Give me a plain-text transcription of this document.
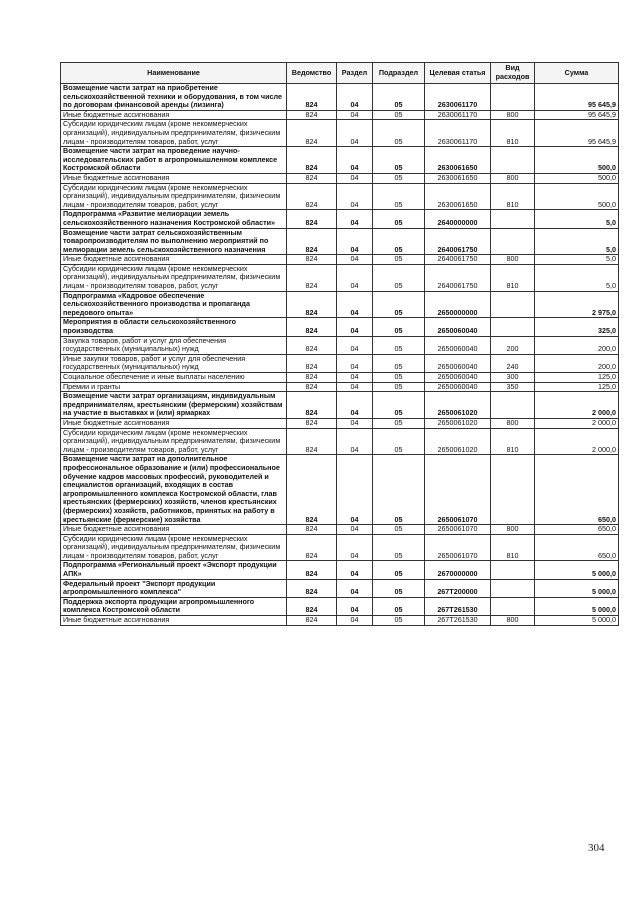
Наименование	Ведомство	Раздел	Подраздел	Целевая статья	Вид расходов	Сумма
Возмещение части затрат на приобретение сельскохозяйственной техники и оборудования, в том числе по договорам финансовой аренды (лизинга)	824	04	05	2630061170		95 645,9
Иные бюджетные ассигнования	824	04	05	2630061170	800	95 645,9
Субсидии юридическим лицам (кроме некоммерческих организаций), индивидуальным предпринимателям, физическим лицам - производителям товаров, работ, услуг	824	04	05	2630061170	810	95 645,9
Возмещение части затрат на проведение научно-исследовательских работ в агропромышленном комплексе Костромской области	824	04	05	2630061650		500,0
Иные бюджетные ассигнования	824	04	05	2630061650	800	500,0
Субсидии юридическим лицам (кроме некоммерческих организаций), индивидуальным предпринимателям, физическим лицам - производителям товаров, работ, услуг	824	04	05	2630061650	810	500,0
Подпрограмма «Развитие мелиорации земель сельскохозяйственного назначения Костромской области»	824	04	05	2640000000		5,0
Возмещение части затрат сельскохозяйственным товаропроизводителям по выполнению мероприятий по мелиорации земель сельскохозяйственного назначения	824	04	05	2640061750		5,0
Иные бюджетные ассигнования	824	04	05	2640061750	800	5,0
Субсидии юридическим лицам (кроме некоммерческих организаций), индивидуальным предпринимателям, физическим лицам - производителям товаров, работ, услуг	824	04	05	2640061750	810	5,0
Подпрограмма «Кадровое обеспечение сельскохозяйственного производства и пропаганда передового опыта»	824	04	05	2650000000		2 975,0
Мероприятия в области сельскохозяйственного производства	824	04	05	2650060040		325,0
Закупка товаров, работ и услуг для обеспечения государственных (муниципальных) нужд	824	04	05	2650060040	200	200,0
Иные закупки товаров, работ и услуг для обеспечения государственных (муниципальных) нужд	824	04	05	2650060040	240	200,0
Социальное обеспечение и иные выплаты населению	824	04	05	2650060040	300	125,0
Премии и гранты	824	04	05	2650060040	350	125,0
Возмещение части затрат организациям, индивидуальным предпринимателям, крестьянским (фермерским) хозяйствам на участие в выставках и (или) ярмарках	824	04	05	2650061020		2 000,0
Иные бюджетные ассигнования	824	04	05	2650061020	800	2 000,0
Субсидии юридическим лицам (кроме некоммерческих организаций), индивидуальным предпринимателям, физическим лицам - производителям товаров, работ, услуг	824	04	05	2650061020	810	2 000,0
Возмещение части затрат на дополнительное профессиональное образование и (или) профессиональное обучение кадров массовых профессий, руководителей и специалистов организаций, входящих в состав агропромышленного комплекса Костромской области, глав крестьянских (фермерских) хозяйств, членов крестьянских (фермерских) хозяйств, работников, принятых на работу в крестьянские (фермерские) хозяйства	824	04	05	2650061070		650,0
Иные бюджетные ассигнования	824	04	05	2650061070	800	650,0
Субсидии юридическим лицам (кроме некоммерческих организаций), индивидуальным предпринимателям, физическим лицам - производителям товаров, работ, услуг	824	04	05	2650061070	810	650,0
Подпрограмма «Региональный проект «Экспорт продукции АПК»	824	04	05	2670000000		5 000,0
Федеральный проект "Экспорт продукции агропромышленного комплекса"	824	04	05	267T200000		5 000,0
Поддержка экспорта продукции агропромышленного комплекса Костромской области	824	04	05	267T261530		5 000,0
Иные бюджетные ассигнования	824	04	05	267T261530	800	5 000,0
304
